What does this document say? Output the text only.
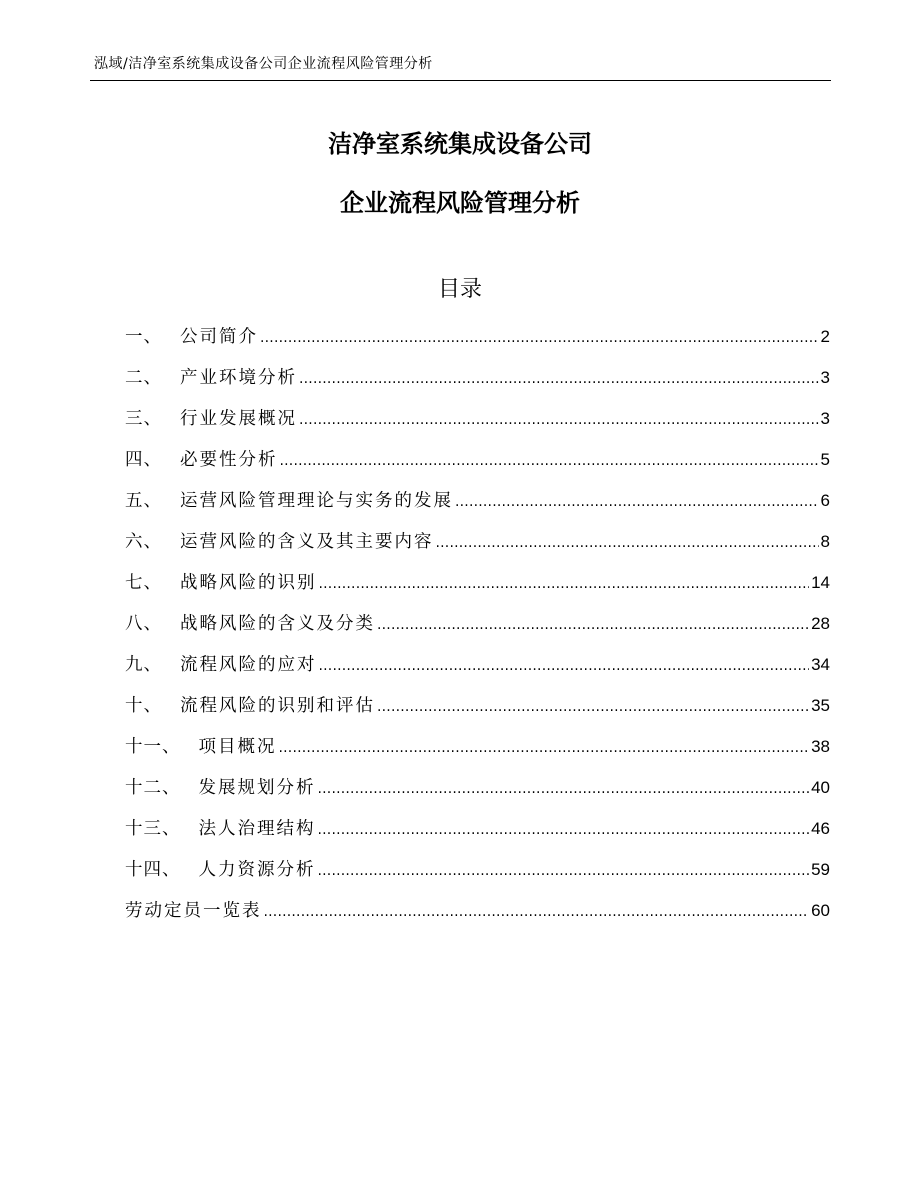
泓域/洁净室系统集成设备公司企业流程风险管理分析
洁净室系统集成设备公司
企业流程风险管理分析
目录
一、 公司简介 .....	2
二、 产业环境分析 .....	3
三、 行业发展概况 .....	3
四、 必要性分析 .....	5
五、 运营风险管理理论与实务的发展 .....	6
六、 运营风险的含义及其主要内容 .....	8
七、 战略风险的识别 .....	14
八、 战略风险的含义及分类 .....	28
九、 流程风险的应对 .....	34
十、 流程风险的识别和评估 .....	35
十一、 项目概况 .....	38
十二、 发展规划分析 .....	40
十三、 法人治理结构 .....	46
十四、 人力资源分析 .....	59
劳动定员一览表 .....	60
